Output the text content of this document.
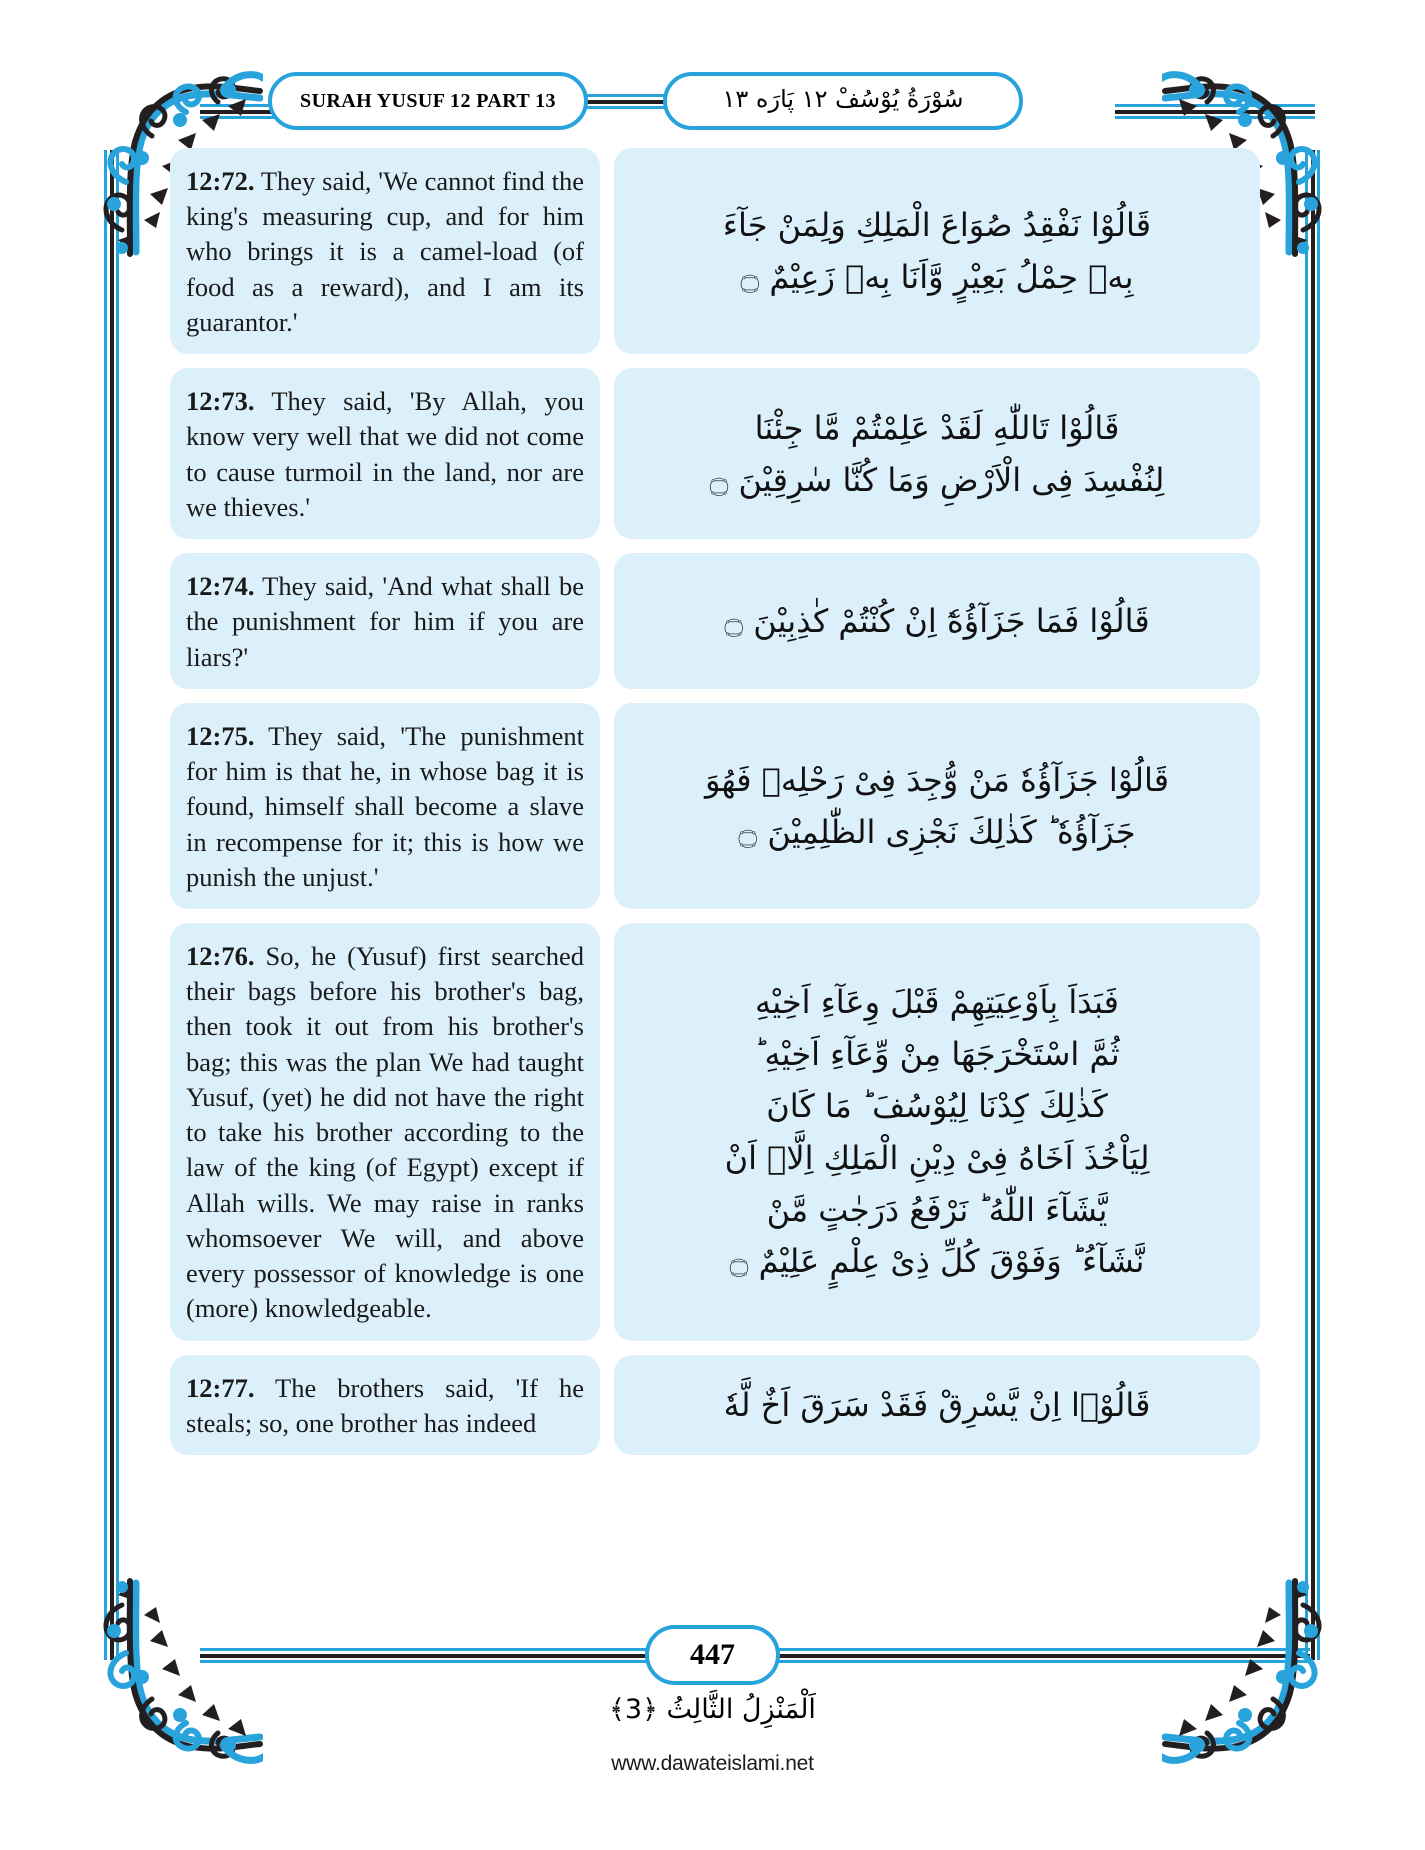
SURAH YUSUF 12 PART 13	سُوْرَةُ يُوْسُفْ ١٢ پَارَه ١٣
12:72. They said, 'We cannot find the king's measuring cup, and for him who brings it is a camel-load (of food as a reward), and I am its guarantor.'
قَالُوْا نَفْقِدُ صُوَاعَ الْمَلِكِ وَلِمَنْ جَآءَ
بِهٖ حِمْلُ بَعِيْرٍ وَّاَنَا بِهٖ زَعِيْمٌ ۝
12:73. They said, 'By Allah, you know very well that we did not come to cause turmoil in the land, nor are we thieves.'
قَالُوْا تَاللّٰهِ لَقَدْ عَلِمْتُمْ مَّا جِئْنَا
لِنُفْسِدَ فِى الْاَرْضِ وَمَا كُنَّا سٰرِقِيْنَ ۝
12:74. They said, 'And what shall be the punishment for him if you are liars?'
قَالُوْا فَمَا جَزَآؤُهٗٓ اِنْ كُنْتُمْ كٰذِبِيْنَ ۝
12:75. They said, 'The punishment for him is that he, in whose bag it is found, himself shall become a slave in recompense for it; this is how we punish the unjust.'
قَالُوْا جَزَآؤُهٗ مَنْ وُّجِدَ فِىْ رَحْلِهٖ فَهُوَ
جَزَآؤُهٗ ؕ كَذٰلِكَ نَجْزِى الظّٰلِمِيْنَ ۝
12:76. So, he (Yusuf) first searched their bags before his brother's bag, then took it out from his brother's bag; this was the plan We had taught Yusuf, (yet) he did not have the right to take his brother according to the law of the king (of Egypt) except if Allah wills. We may raise in ranks whomsoever We will, and above every possessor of knowledge is one (more) knowledgeable.
فَبَدَاَ بِاَوْعِيَتِهِمْ قَبْلَ وِعَآءِ اَخِيْهِ
ثُمَّ اسْتَخْرَجَهَا مِنْ وِّعَآءِ اَخِيْهِ ؕ
كَذٰلِكَ كِدْنَا لِيُوْسُفَ ؕ مَا كَانَ
لِيَاْخُذَ اَخَاهُ فِىْ دِيْنِ الْمَلِكِ اِلَّاۤ اَنْ
يَّشَآءَ اللّٰهُ ؕ نَرْفَعُ دَرَجٰتٍ مَّنْ
نَّشَآءُ ؕ وَفَوْقَ كُلِّ ذِىْ عِلْمٍ عَلِيْمٌ ۝
12:77. The brothers said, 'If he steals; so, one brother has indeed	قَالُوْۤا اِنْ يَّسْرِقْ فَقَدْ سَرَقَ اَخٌ لَّهٗ
447
اَلْمَنْزِلُ الثَّالِثُ ﴿3﴾
www.dawateislami.net
